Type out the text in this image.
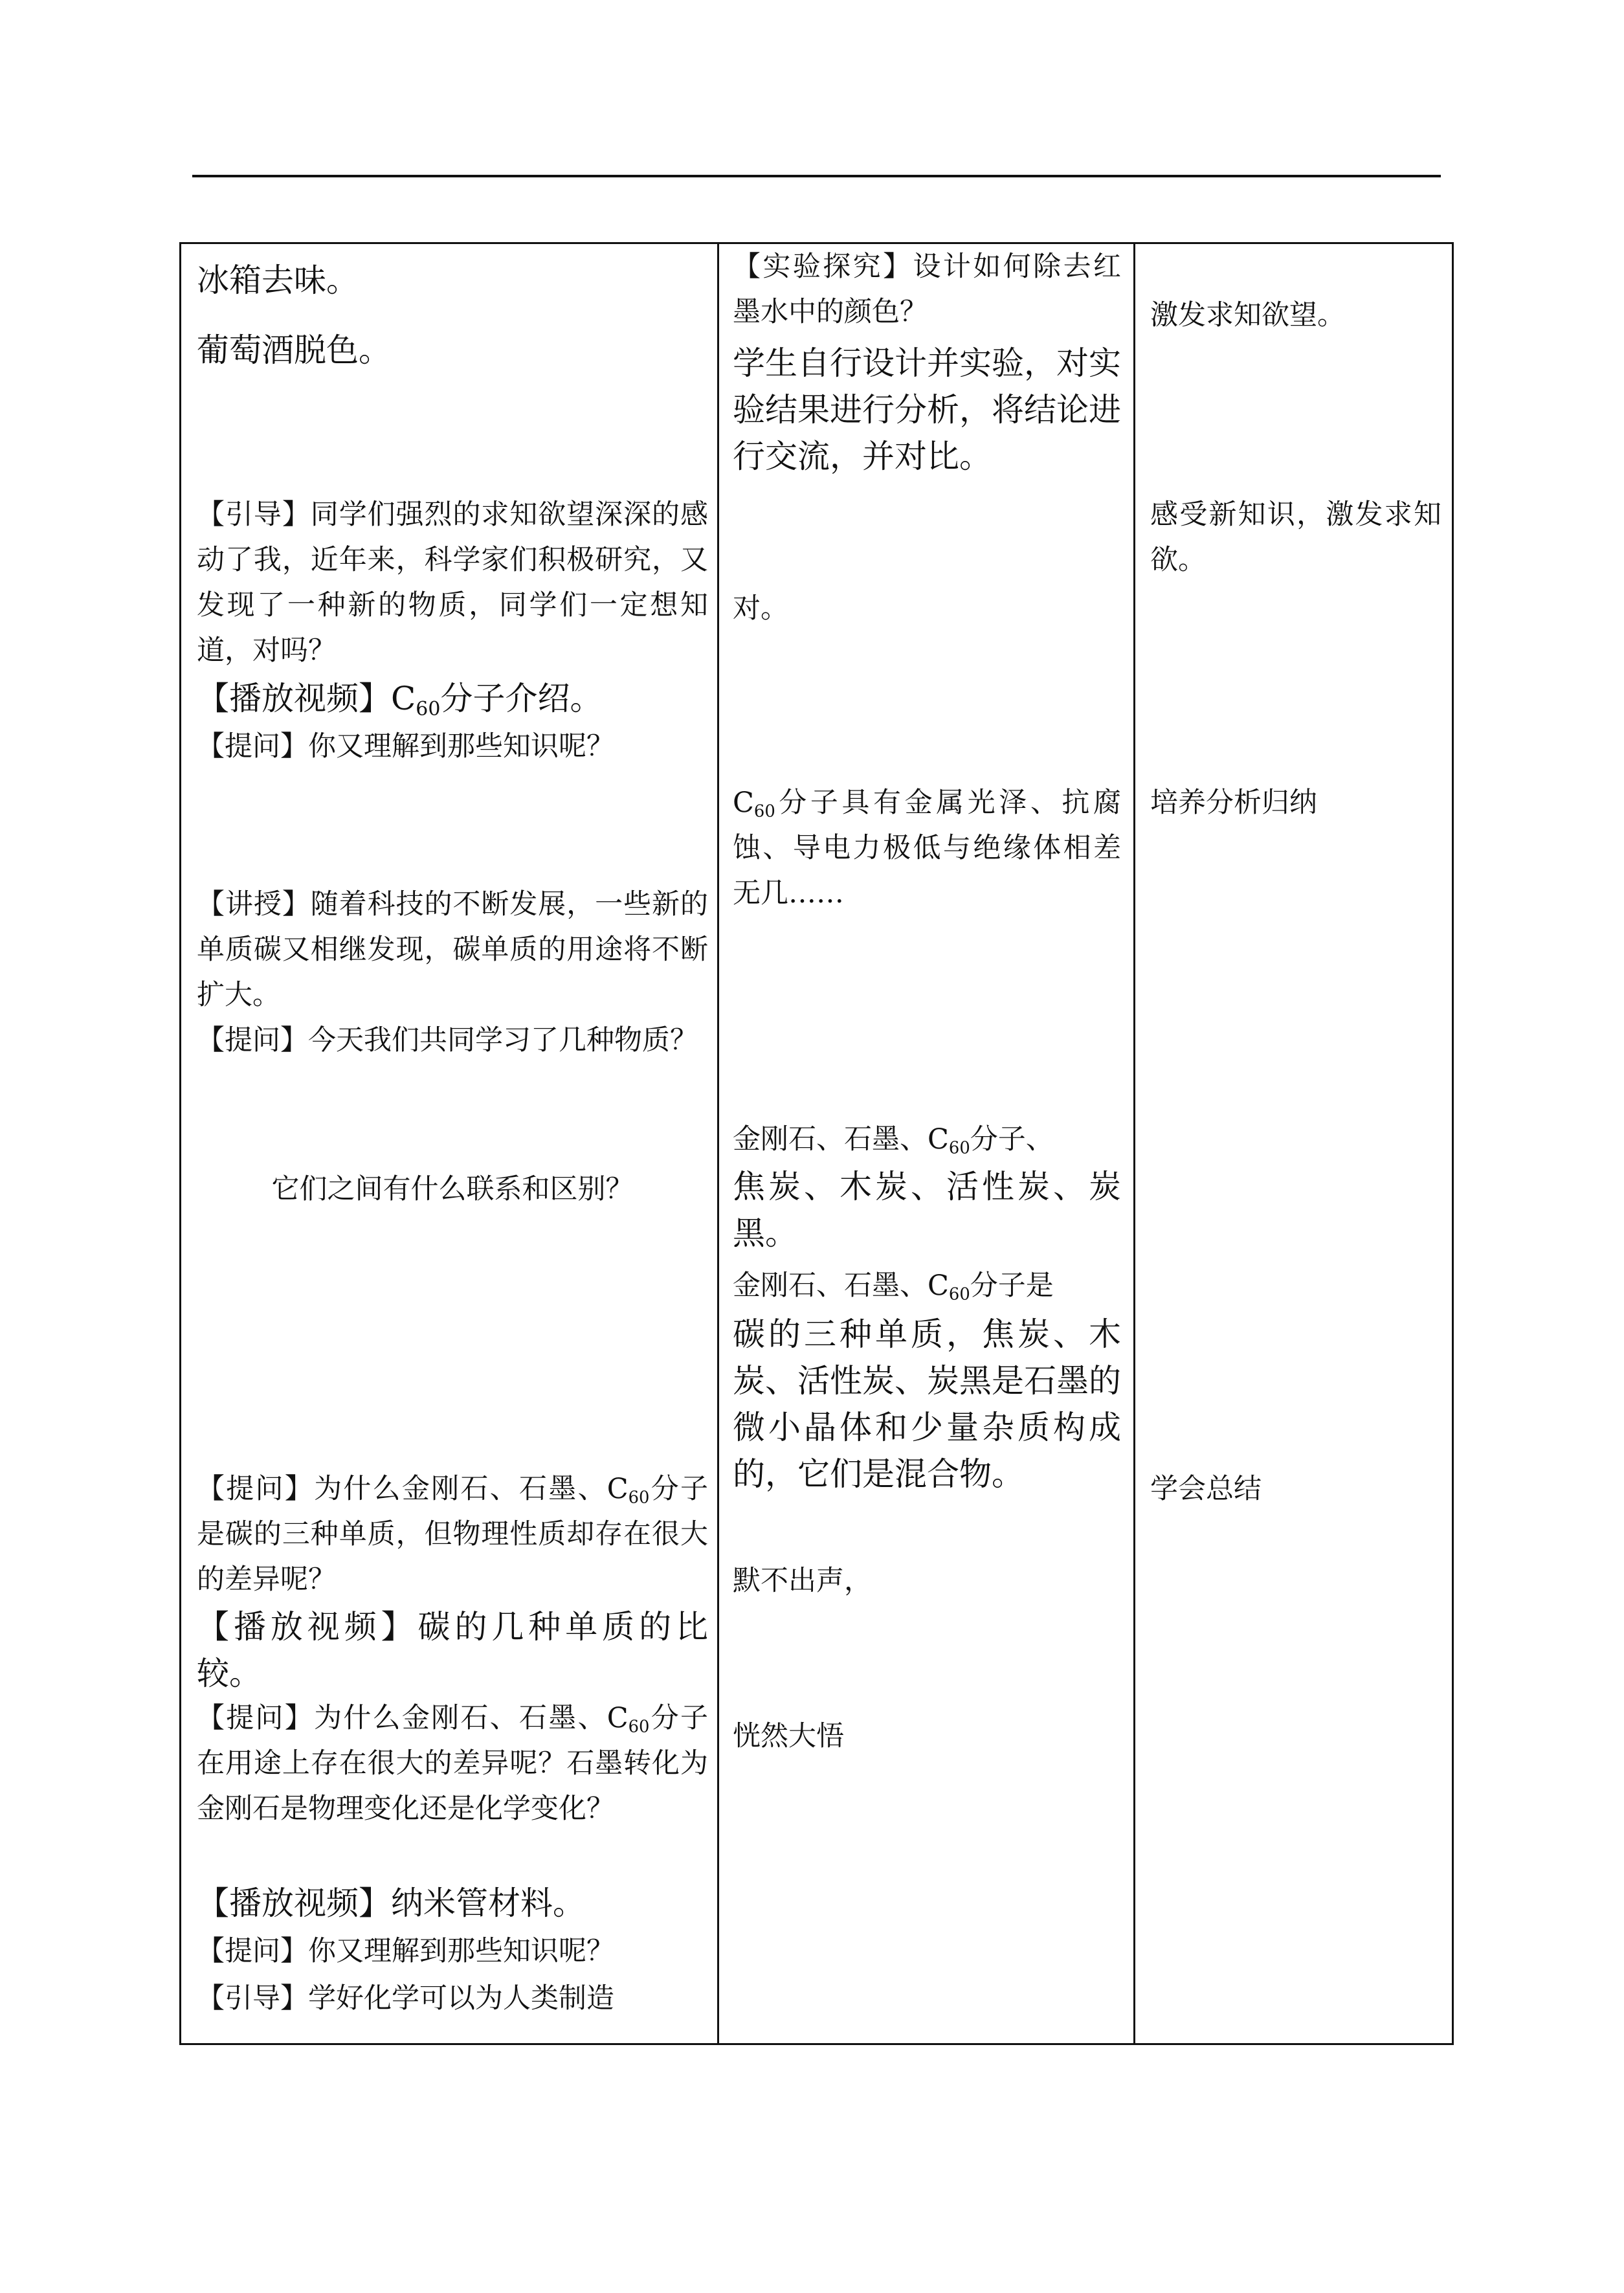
冰箱去味。

葡萄酒脱色。

【引导】同学们强烈的求知欲望深深的感动了我，近年来，科学家们积极研究，又发现了一种新的物质，同学们一定想知道，对吗？

【播放视频】$C_{60}$分子介绍。

【提问】你又理解到那些知识呢？

【讲授】随着科技的不断发展，一些新的单质碳又相继发现，碳单质的用途将不断扩大。

【提问】今天我们共同学习了几种物质？

它们之间有什么联系和区别？

【提问】为什么金刚石、石墨、$C_{60}$分子是碳的三种单质，但物理性质却存在很大的差异呢？

【播放视频】碳的几种单质的比较。

【提问】为什么金刚石、石墨、$C_{60}$分子在用途上存在很大的差异呢？石墨转化为金刚石是物理变化还是化学变化？

【播放视频】纳米管材料。

【提问】你又理解到那些知识呢？

【引导】学好化学可以为人类制造

【实验探究】设计如何除去红墨水中的颜色？

学生自行设计并实验，对实验结果进行分析，将结论进行交流，并对比。

对。

$C_{60}$分子具有金属光泽、抗腐蚀、导电力极低与绝缘体相差无几……

金刚石、石墨、$C_{60}$分子、

焦炭、木炭、活性炭、炭黑。

金刚石、石墨、$C_{60}$分子是

碳的三种单质，焦炭、木炭、活性炭、炭黑是石墨的微小晶体和少量杂质构成的，它们是混合物。

默不出声，

恍然大悟

激发求知欲望。

感受新知识，激发求知欲。

培养分析归纳

学会总结
